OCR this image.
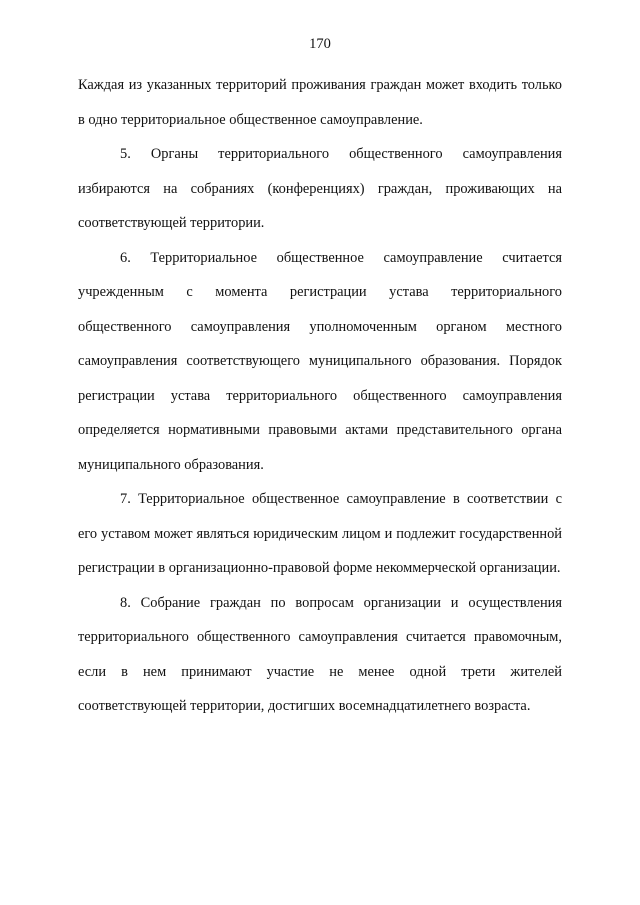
170

Каждая из указанных территорий проживания граждан может входить только в одно территориальное общественное самоуправление.

5. Органы территориального общественного самоуправления избираются на собраниях (конференциях) граждан, проживающих на соответствующей территории.

6. Территориальное общественное самоуправление считается учрежденным с момента регистрации устава территориального общественного самоуправления уполномоченным органом местного самоуправления соответствующего муниципального образования. Порядок регистрации устава территориального общественного самоуправления определяется нормативными правовыми актами представительного органа муниципального образования.

7. Территориальное общественное самоуправление в соответствии с его уставом может являться юридическим лицом и подлежит государственной регистрации в организационно-правовой форме некоммерческой организации.

8. Собрание граждан по вопросам организации и осуществления территориального общественного самоуправления считается правомочным, если в нем принимают участие не менее одной трети жителей соответствующей территории, достигших восемнадцатилетнего возраста.
